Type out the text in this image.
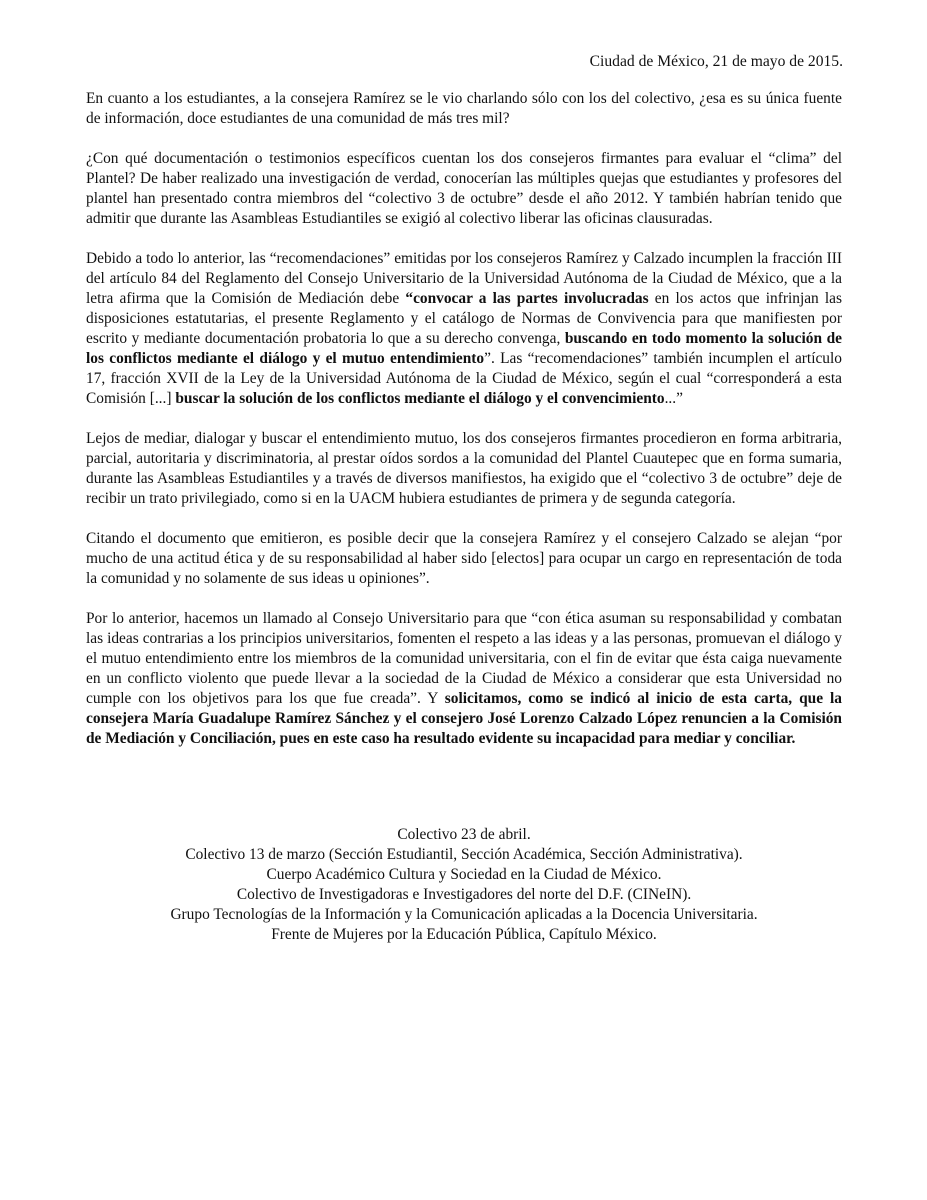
Ciudad de México, 21 de mayo de 2015.

En cuanto a los estudiantes, a la consejera Ramírez se le vio charlando sólo con los del colectivo, ¿esa es su única fuente de información, doce estudiantes de una comunidad de más tres mil?

¿Con qué documentación o testimonios específicos cuentan los dos consejeros firmantes para evaluar el “clima” del Plantel? De haber realizado una investigación de verdad, conocerían las múltiples quejas que estudiantes y profesores del plantel han presentado contra miembros del “colectivo 3 de octubre” desde el año 2012. Y también habrían tenido que admitir que durante las Asambleas Estudiantiles se exigió al colectivo liberar las oficinas clausuradas.

Debido a todo lo anterior, las “recomendaciones” emitidas por los consejeros Ramírez y Calzado incumplen la fracción III del artículo 84 del Reglamento del Consejo Universitario de la Universidad Autónoma de la Ciudad de México, que a la letra afirma que la Comisión de Mediación debe “convocar a las partes involucradas en los actos que infrinjan las disposiciones estatutarias, el presente Reglamento y el catálogo de Normas de Convivencia para que manifiesten por escrito y mediante documentación probatoria lo que a su derecho convenga, buscando en todo momento la solución de los conflictos mediante el diálogo y el mutuo entendimiento”. Las “recomendaciones” también incumplen el artículo 17, fracción XVII de la Ley de la Universidad Autónoma de la Ciudad de México, según el cual “corresponderá a esta Comisión [...] buscar la solución de los conflictos mediante el diálogo y el convencimiento...”

Lejos de mediar, dialogar y buscar el entendimiento mutuo, los dos consejeros firmantes procedieron en forma arbitraria, parcial, autoritaria y discriminatoria, al prestar oídos sordos a la comunidad del Plantel Cuautepec que en forma sumaria, durante las Asambleas Estudiantiles y a través de diversos manifiestos, ha exigido que el “colectivo 3 de octubre” deje de recibir un trato privilegiado, como si en la UACM hubiera estudiantes de primera y de segunda categoría.

Citando el documento que emitieron, es posible decir que la consejera Ramírez y el consejero Calzado se alejan “por mucho de una actitud ética y de su responsabilidad al haber sido [electos] para ocupar un cargo en representación de toda la comunidad y no solamente de sus ideas u opiniones”.

Por lo anterior, hacemos un llamado al Consejo Universitario para que “con ética asuman su responsabilidad y combatan las ideas contrarias a los principios universitarios, fomenten el respeto a las ideas y a las personas, promuevan el diálogo y el mutuo entendimiento entre los miembros de la comunidad universitaria, con el fin de evitar que ésta caiga nuevamente en un conflicto violento que puede llevar a la sociedad de la Ciudad de México a considerar que esta Universidad no cumple con los objetivos para los que fue creada”. Y solicitamos, como se indicó al inicio de esta carta, que la consejera María Guadalupe Ramírez Sánchez y el consejero José Lorenzo Calzado López renuncien a la Comisión de Mediación y Conciliación, pues en este caso ha resultado evidente su incapacidad para mediar y conciliar.

Colectivo 23 de abril.
Colectivo 13 de marzo (Sección Estudiantil, Sección Académica, Sección Administrativa).
Cuerpo Académico Cultura y Sociedad en la Ciudad de México.
Colectivo de Investigadoras e Investigadores del norte del D.F. (CINeIN).
Grupo Tecnologías de la Información y la Comunicación aplicadas a la Docencia Universitaria.
Frente de Mujeres por la Educación Pública, Capítulo México.
